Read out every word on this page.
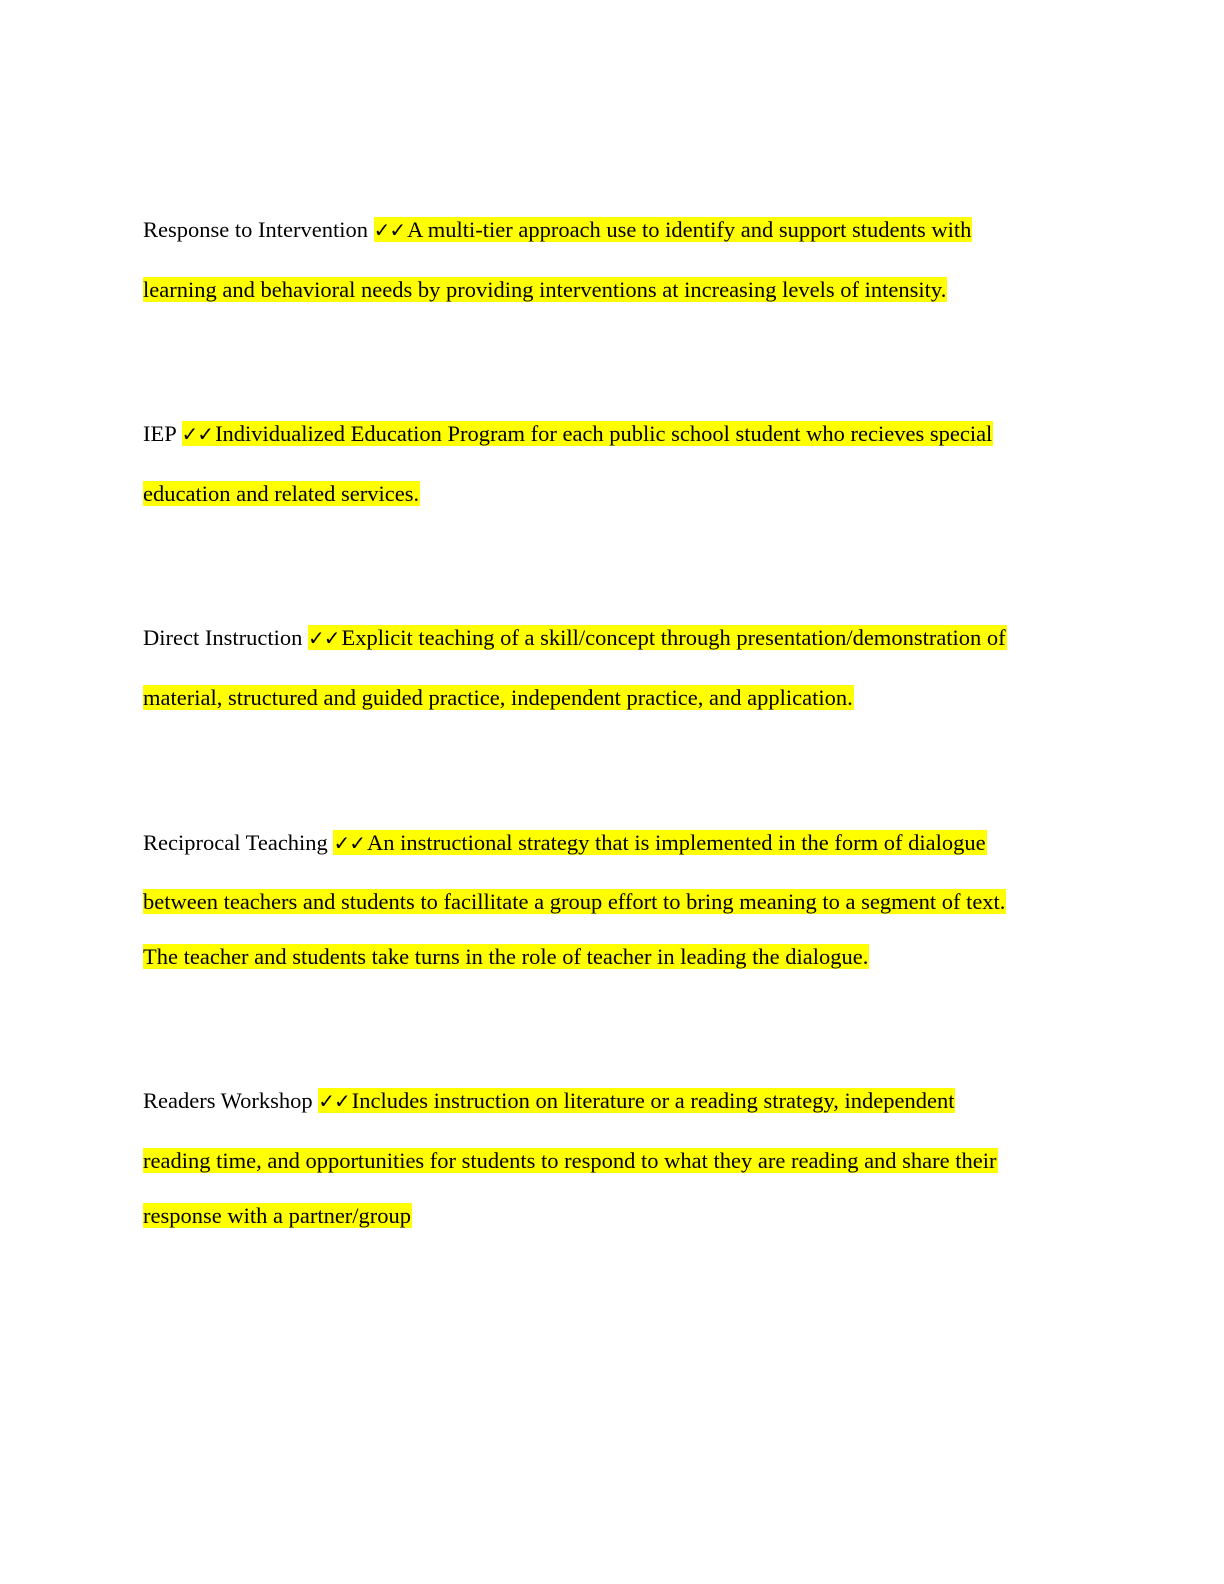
Response to Intervention ✓✓A multi-tier approach use to identify and support students with
learning and behavioral needs by providing interventions at increasing levels of intensity.
IEP ✓✓Individualized Education Program for each public school student who recieves special
education and related services.
Direct Instruction ✓✓Explicit teaching of a skill/concept through presentation/demonstration of
material, structured and guided practice, independent practice, and application.
Reciprocal Teaching ✓✓An instructional strategy that is implemented in the form of dialogue
between teachers and students to facillitate a group effort to bring meaning to a segment of text.
The teacher and students take turns in the role of teacher in leading the dialogue.
Readers Workshop ✓✓Includes instruction on literature or a reading strategy, independent
reading time, and opportunities for students to respond to what they are reading and share their
response with a partner/group
